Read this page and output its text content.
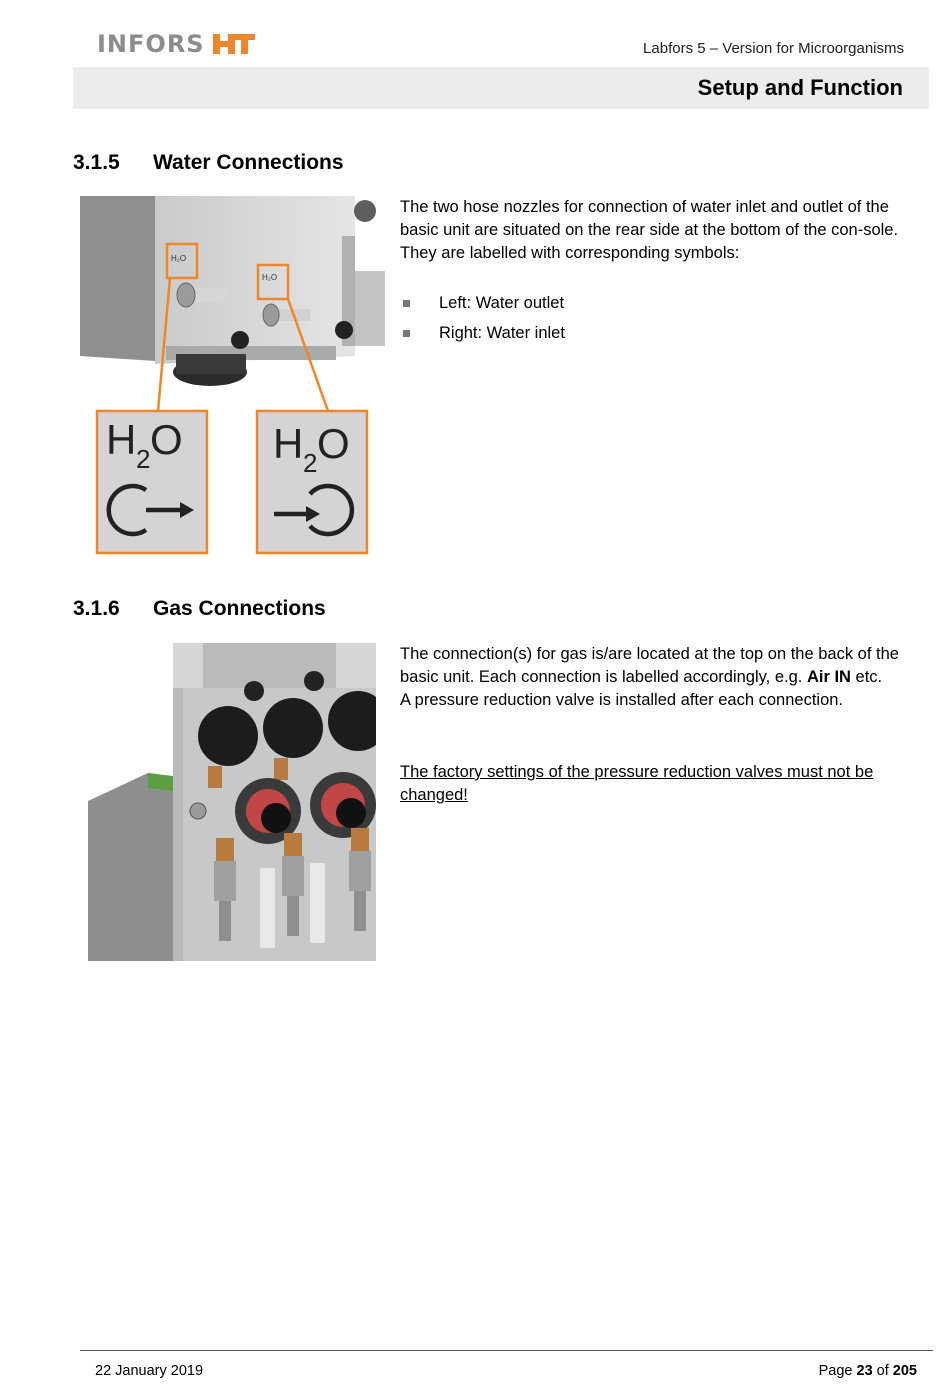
INFORS	Labfors 5 – Version for Microorganisms
Setup and Function
3.1.5 Water Connections
H₂O
H₂O
H 2 O H 2 O

The two hose nozzles for connection of water inlet and outlet of the basic unit are situated on the rear side at the bottom of the con-sole. They are labelled with corresponding symbols:

Left: Water outlet
Right: Water inlet
3.1.6 Gas Connections

The connection(s) for gas is/are located at the top on the back of the basic unit. Each connection is labelled accordingly, e.g. Air IN etc.

A pressure reduction valve is installed after each connection.

The factory settings of the pressure reduction valves must not be changed!
22 January 2019	Page 23 of 205
